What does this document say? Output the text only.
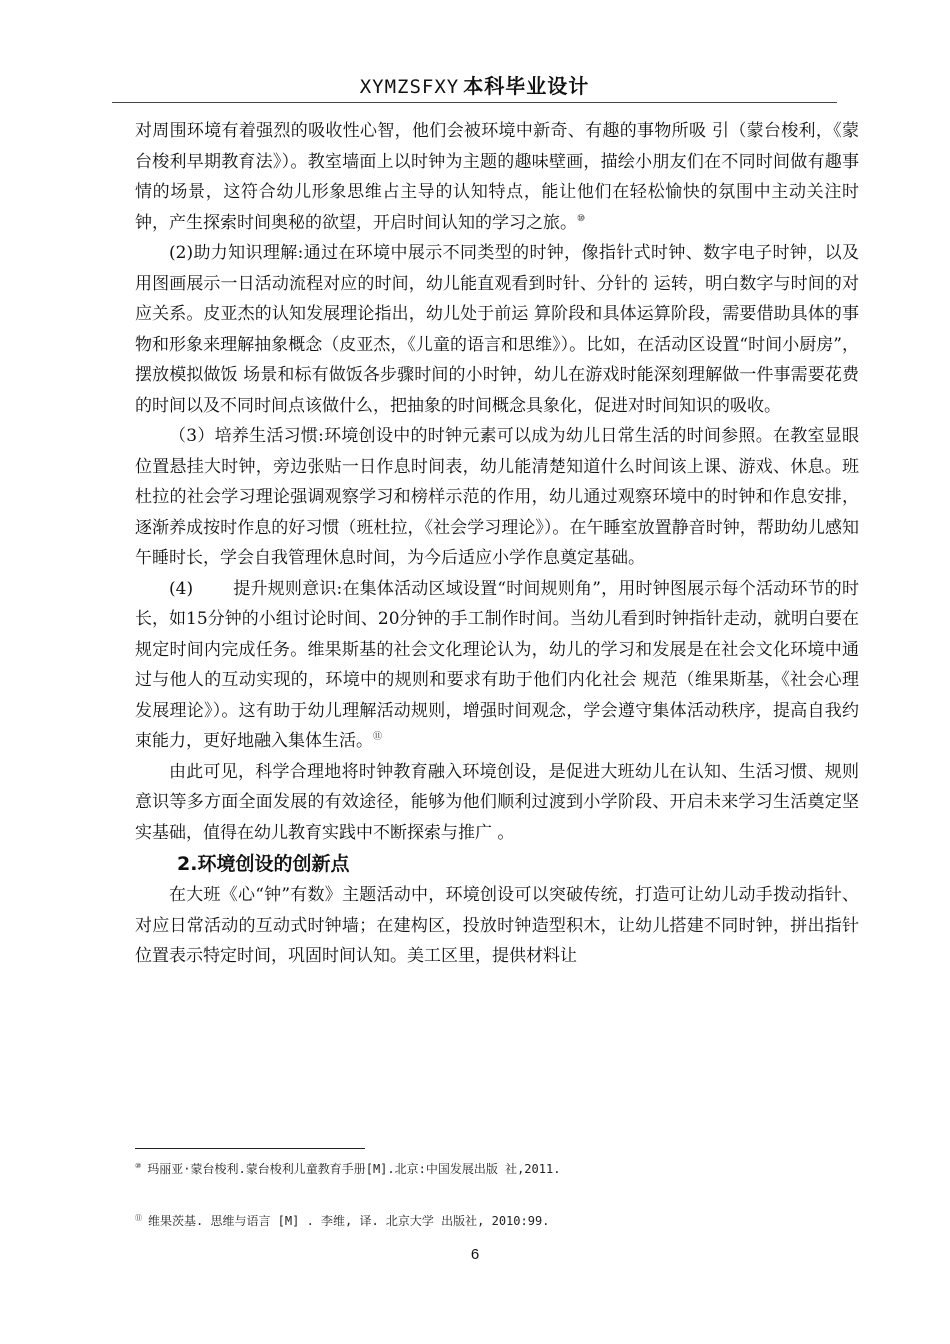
XYMZSFXY 本科毕业设计

对周围环境有着强烈的吸收性心智，他们会被环境中新奇、有趣的事物所吸 引（蒙台梭利，《蒙台梭利早期教育法》）。教室墙面上以时钟为主题的趣味壁画，描绘小朋友们在不同时间做有趣事情的场景，这符合幼儿形象思维占主导的认知特点，能让他们在轻松愉快的氛围中主动关注时钟，产生探索时间奥秘的欲望，开启时间认知的学习之旅。⑩

(2)助力知识理解:通过在环境中展示不同类型的时钟，像指针式时钟、数字电子时钟，以及用图画展示一日活动流程对应的时间，幼儿能直观看到时针、分针的 运转，明白数字与时间的对应关系。皮亚杰的认知发展理论指出，幼儿处于前运 算阶段和具体运算阶段，需要借助具体的事物和形象来理解抽象概念（皮亚杰，《儿童的语言和思维》）。比如，在活动区设置“时间小厨房”，摆放模拟做饭 场景和标有做饭各步骤时间的小时钟，幼儿在游戏时能深刻理解做一件事需要花费的时间以及不同时间点该做什么，把抽象的时间概念具象化，促进对时间知识的吸收。

（3）培养生活习惯:环境创设中的时钟元素可以成为幼儿日常生活的时间参照。在教室显眼位置悬挂大时钟，旁边张贴一日作息时间表，幼儿能清楚知道什么时间该上课、游戏、休息。班杜拉的社会学习理论强调观察学习和榜样示范的作用，幼儿通过观察环境中的时钟和作息安排，逐渐养成按时作息的好习惯（班杜拉，《社会学习理论》）。在午睡室放置静音时钟，帮助幼儿感知午睡时长，学会自我管理休息时间，为今后适应小学作息奠定基础。

(4) 提升规则意识:在集体活动区域设置“时间规则角”，用时钟图展示每个活动环节的时长，如15分钟的小组讨论时间、20分钟的手工制作时间。当幼儿看到时钟指针走动，就明白要在规定时间内完成任务。维果斯基的社会文化理论认为，幼儿的学习和发展是在社会文化环境中通过与他人的互动实现的，环境中的规则和要求有助于他们内化社会 规范（维果斯基，《社会心理发展理论》）。这有助于幼儿理解活动规则，增强时间观念，学会遵守集体活动秩序，提高自我约束能力，更好地融入集体生活。⑪

由此可见，科学合理地将时钟教育融入环境创设，是促进大班幼儿在认知、生活习惯、规则意识等多方面全面发展的有效途径，能够为他们顺利过渡到小学阶段、开启未来学习生活奠定坚实基础，值得在幼儿教育实践中不断探索与推广 。

2.环境创设的创新点

在大班《心“钟”有数》主题活动中，环境创设可以突破传统，打造可让幼儿动手拨动指针、对应日常活动的互动式时钟墙；在建构区，投放时钟造型积木，让幼儿搭建不同时钟，拼出指针位置表示特定时间，巩固时间认知。美工区里，提供材料让

⑩ 玛丽亚·蒙台梭利.蒙台梭利儿童教育手册[M].北京:中国发展出版 社,2011.
⑪ 维果茨基. 思维与语言 [M] . 李维, 译. 北京大学 出版社, 2010:99.
6
